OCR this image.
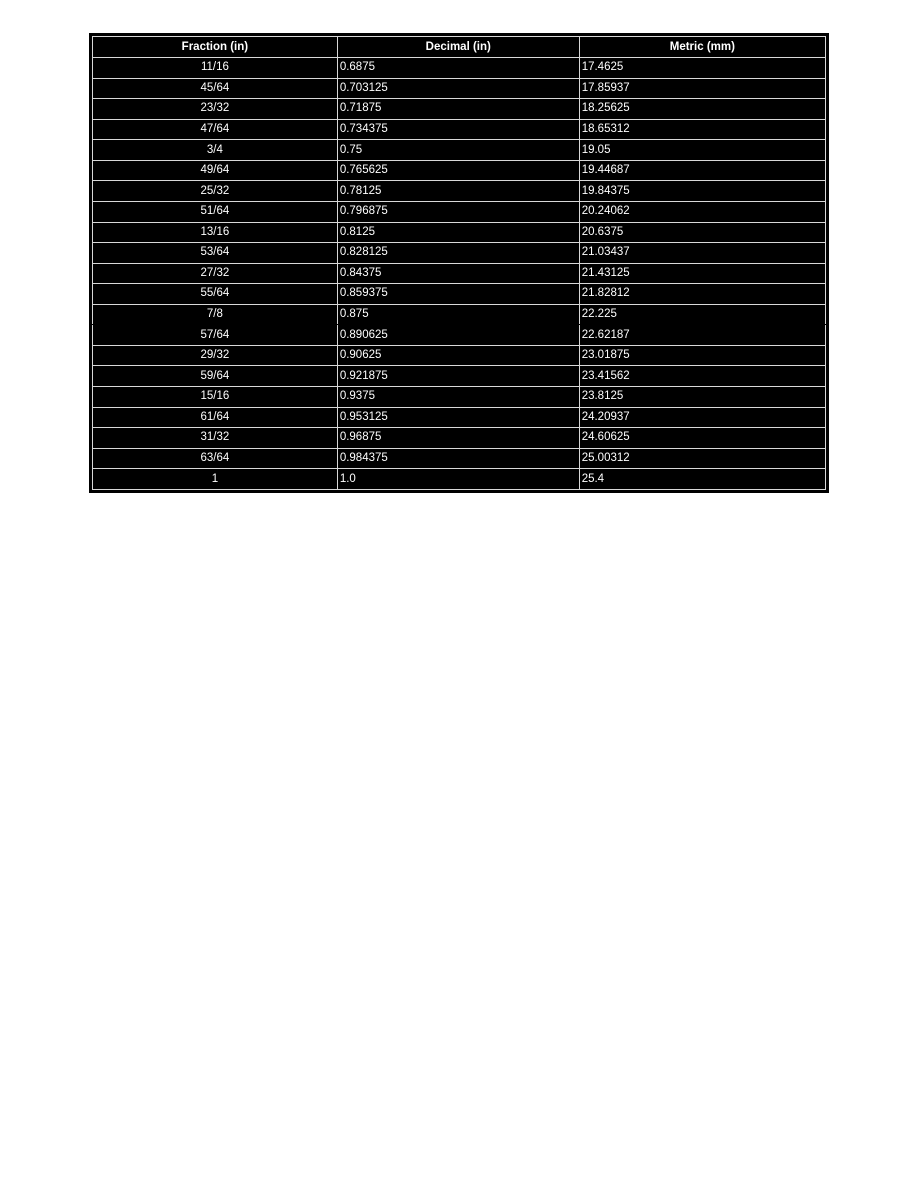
Fraction (in)	Decimal (in)	Metric (mm)
11/16	0.6875	17.4625
45/64	0.703125	17.85937
23/32	0.71875	18.25625
47/64	0.734375	18.65312
3/4	0.75	19.05
49/64	0.765625	19.44687
25/32	0.78125	19.84375
51/64	0.796875	20.24062
13/16	0.8125	20.6375
53/64	0.828125	21.03437
27/32	0.84375	21.43125
55/64	0.859375	21.82812
7/8	0.875	22.225
57/64	0.890625	22.62187
29/32	0.90625	23.01875
59/64	0.921875	23.41562
15/16	0.9375	23.8125
61/64	0.953125	24.20937
31/32	0.96875	24.60625
63/64	0.984375	25.00312
1	1.0	25.4
